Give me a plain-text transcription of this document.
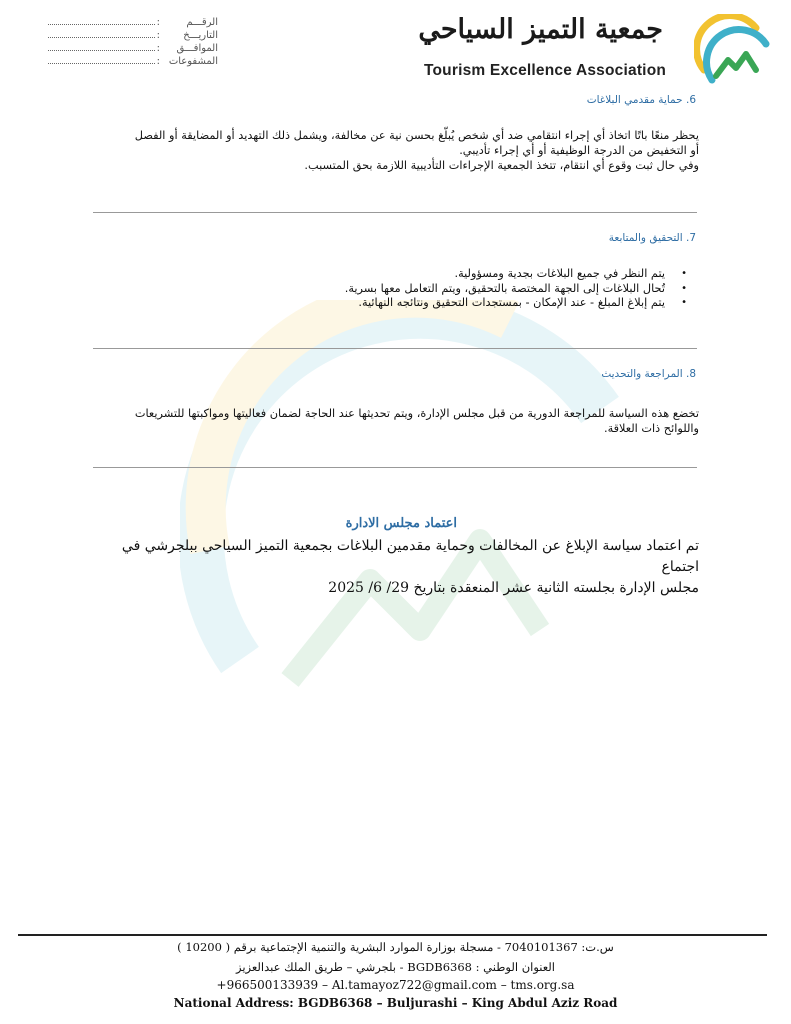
جمعية التميز السياحي
Tourism Excellence Association
الرقـــم
:
التاريـــخ
:
الموافـــق
:
المشفوعات
:
6. حماية مقدمي البلاغات
يحظر منعًا باتًا اتخاذ أي إجراء انتقامي ضد أي شخص يُبلّغ بحسن نية عن مخالفة، ويشمل ذلك التهديد أو المضايقة أو الفصل
أو التخفيض من الدرجة الوظيفية أو أي إجراء تأديبي.
وفي حال ثبت وقوع أي انتقام، تتخذ الجمعية الإجراءات التأديبية اللازمة بحق المتسبب.
7. التحقيق والمتابعة
• يتم النظر في جميع البلاغات بجدية ومسؤولية.
• تُحال البلاغات إلى الجهة المختصة بالتحقيق، ويتم التعامل معها بسرية.
• يتم إبلاغ المبلغ - عند الإمكان - بمستجدات التحقيق ونتائجه النهائية.
8. المراجعة والتحديث
تخضع هذه السياسة للمراجعة الدورية من قبل مجلس الإدارة، ويتم تحديثها عند الحاجة لضمان فعاليتها ومواكبتها للتشريعات
واللوائح ذات العلاقة.
اعتماد مجلس الادارة
تم اعتماد سياسة الإبلاغ عن المخالفات وحماية مقدمين البلاغات بجمعية التميز السياحي ببلجرشي في اجتماع
مجلس الإدارة بجلسته الثانية عشر المنعقدة بتاريخ 29/ 6/ 2025
س.ت: 7040101367 - مسجلة بوزارة الموارد البشرية والتنمية الإجتماعية برقم ( 10200 )
العنوان الوطني : BGDB6368 - بلجرشي – طريق الملك عبدالعزيز
+966500133939 – Al.tamayoz722@gmail.com – tms.org.sa
National Address: BGDB6368 – Buljurashi – King Abdul Aziz Road
